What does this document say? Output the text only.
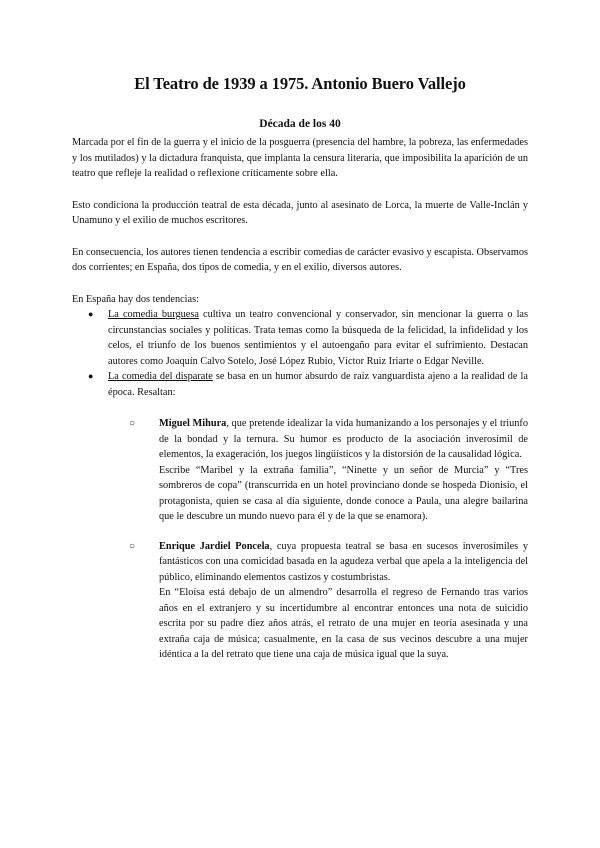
El Teatro de 1939 a 1975. Antonio Buero Vallejo
Década de los 40

Marcada por el fin de la guerra y el inicio de la posguerra (presencia del hambre, la pobreza, las enfermedades y los mutilados) y la dictadura franquista, que implanta la censura literaria, que imposibilita la aparición de un teatro que refleje la realidad o reflexione críticamente sobre ella.

Esto condiciona la producción teatral de esta década, junto al asesinato de Lorca, la muerte de Valle-Inclán y Unamuno y el exilio de muchos escritores.

En consecuencia, los autores tienen tendencia a escribir comedias de carácter evasivo y escapista. Observamos dos corrientes; en España, dos tipos de comedia, y en el exilio, diversos autores.

En España hay dos tendencias:

● La comedia burguesa cultiva un teatro convencional y conservador, sin mencionar la guerra o las circunstancias sociales y políticas. Trata temas como la búsqueda de la felicidad, la infidelidad y los celos, el triunfo de los buenos sentimientos y el autoengaño para evitar el sufrimiento. Destacan autores como Joaquín Calvo Sotelo, José López Rubio, Víctor Ruiz Iriarte o Edgar Neville.

● La comedia del disparate se basa en un humor absurdo de raíz vanguardista ajeno a la realidad de la época. Resaltan:

○ Miguel Mihura, que pretende idealizar la vida humanizando a los personajes y el triunfo de la bondad y la ternura. Su humor es producto de la asociación inverosímil de elementos, la exageración, los juegos lingüísticos y la distorsión de la causalidad lógica.

Escribe “Maribel y la extraña familia”, “Ninette y un señor de Murcia” y “Tres sombreros de copa” (transcurrida en un hotel provinciano donde se hospeda Dionisio, el protagonista, quien se casa al día siguiente, donde conoce a Paula, una alegre bailarina que le descubre un mundo nuevo para él y de la que se enamora).

○ Enrique Jardiel Poncela, cuya propuesta teatral se basa en sucesos inverosímiles y fantásticos con una comicidad basada en la agudeza verbal que apela a la inteligencia del público, eliminando elementos castizos y costumbristas.

En “Eloísa está debajo de un almendro” desarrolla el regreso de Fernando tras varios años en el extranjero y su incertidumbre al encontrar entonces una nota de suicidio escrita por su padre diez años atrás, el retrato de una mujer en teoría asesinada y una extraña caja de música; casualmente, en la casa de sus vecinos descubre a una mujer idéntica a la del retrato que tiene una caja de música igual que la suya.
